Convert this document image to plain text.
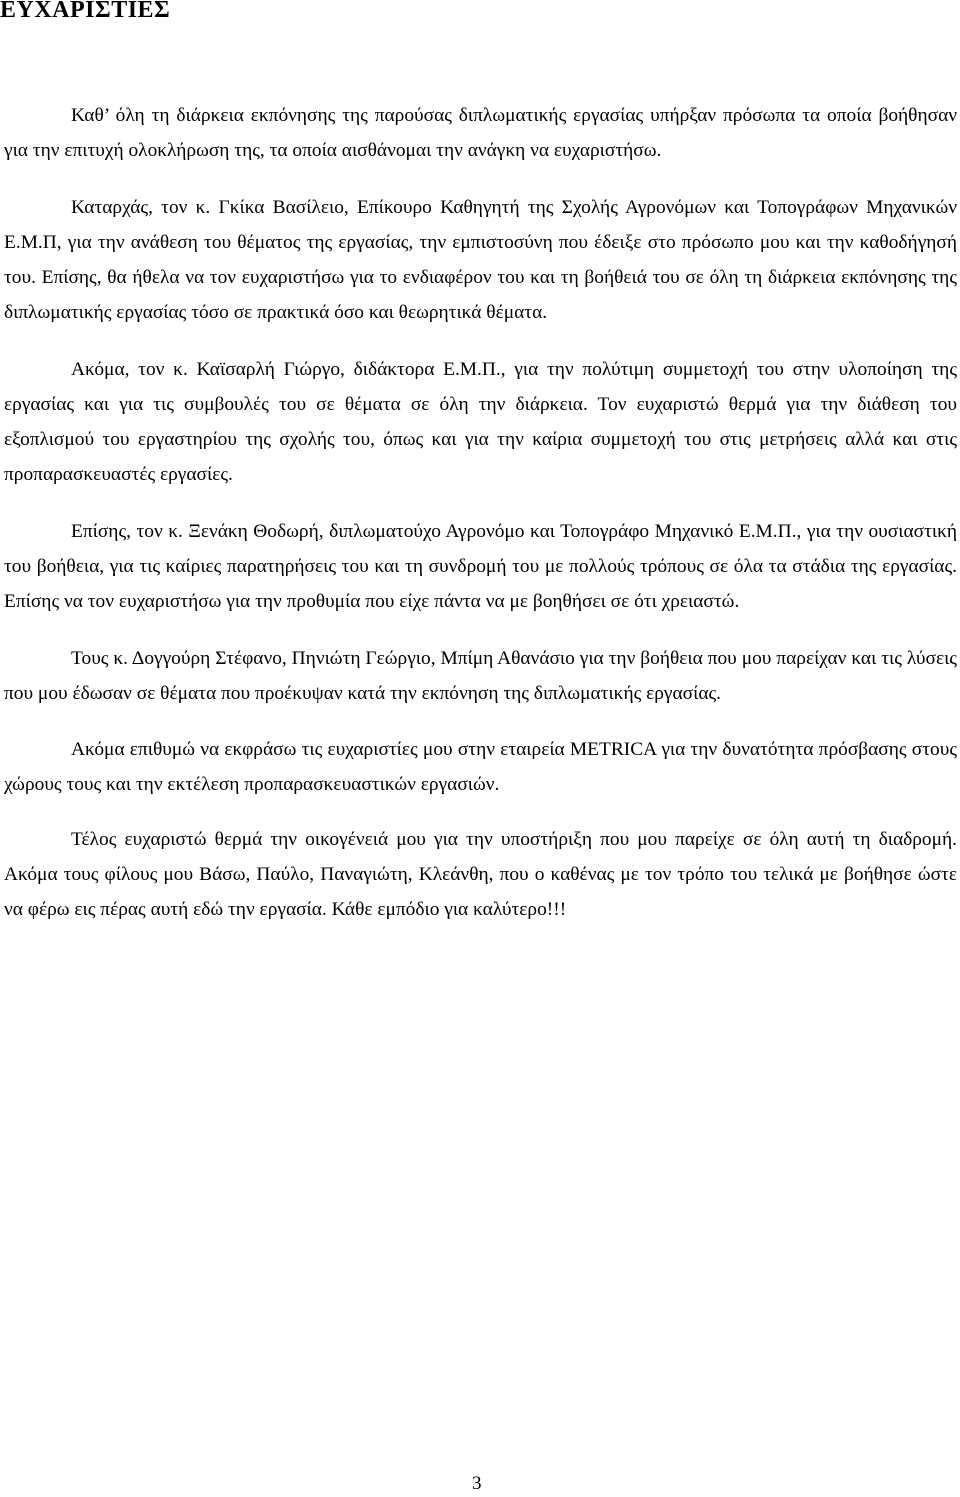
ΕΥΧΑΡΙΣΤΙΕΣ

Καθ’ όλη τη διάρκεια εκπόνησης της παρούσας διπλωματικής εργασίας υπήρξαν πρόσωπα τα οποία βοήθησαν για την επιτυχή ολοκλήρωση της, τα οποία αισθάνομαι την ανάγκη να ευχαριστήσω.

Καταρχάς, τον κ. Γκίκα Βασίλειο, Επίκουρο Καθηγητή της Σχολής Αγρονόμων και Τοπογράφων Μηχανικών Ε.Μ.Π, για την ανάθεση του θέματος της εργασίας, την εμπιστοσύνη που έδειξε στο πρόσωπο μου και την καθοδήγησή του. Επίσης, θα ήθελα να τον ευχαριστήσω για το ενδιαφέρον του και τη βοήθειά του σε όλη τη διάρκεια εκπόνησης της διπλωματικής εργασίας τόσο σε πρακτικά όσο και θεωρητικά θέματα.

Ακόμα, τον κ. Καϊσαρλή Γιώργο, διδάκτορα Ε.Μ.Π., για την πολύτιμη συμμετοχή του στην υλοποίηση της εργασίας και για τις συμβουλές του σε θέματα σε όλη την διάρκεια. Τον ευχαριστώ θερμά για την διάθεση του εξοπλισμού του εργαστηρίου της σχολής του, όπως και για την καίρια συμμετοχή του στις μετρήσεις αλλά και στις προπαρασκευαστές εργασίες.

Επίσης, τον κ. Ξενάκη Θοδωρή, διπλωματούχο Αγρονόμο και Τοπογράφο Μηχανικό Ε.Μ.Π., για την ουσιαστική του βοήθεια, για τις καίριες παρατηρήσεις του και τη συνδρομή του με πολλούς τρόπους σε όλα τα στάδια της εργασίας. Επίσης να τον ευχαριστήσω για την προθυμία που είχε πάντα να με βοηθήσει σε ότι χρειαστώ.

Τους κ. Δογγούρη Στέφανο, Πηνιώτη Γεώργιο, Μπίμη Αθανάσιο για την βοήθεια που μου παρείχαν και τις λύσεις που μου έδωσαν σε θέματα που προέκυψαν κατά την εκπόνηση της διπλωματικής εργασίας.

Ακόμα επιθυμώ να εκφράσω τις ευχαριστίες μου στην εταιρεία METRICA για την δυνατότητα πρόσβασης στους χώρους τους και την εκτέλεση προπαρασκευαστικών εργασιών.

Τέλος ευχαριστώ θερμά την οικογένειά μου για την υποστήριξη που μου παρείχε σε όλη αυτή τη διαδρομή. Ακόμα τους φίλους μου Βάσω, Παύλο, Παναγιώτη, Κλεάνθη, που ο καθένας με τον τρόπο του τελικά με βοήθησε ώστε να φέρω εις πέρας αυτή εδώ την εργασία. Κάθε εμπόδιο για καλύτερο!!!

3
